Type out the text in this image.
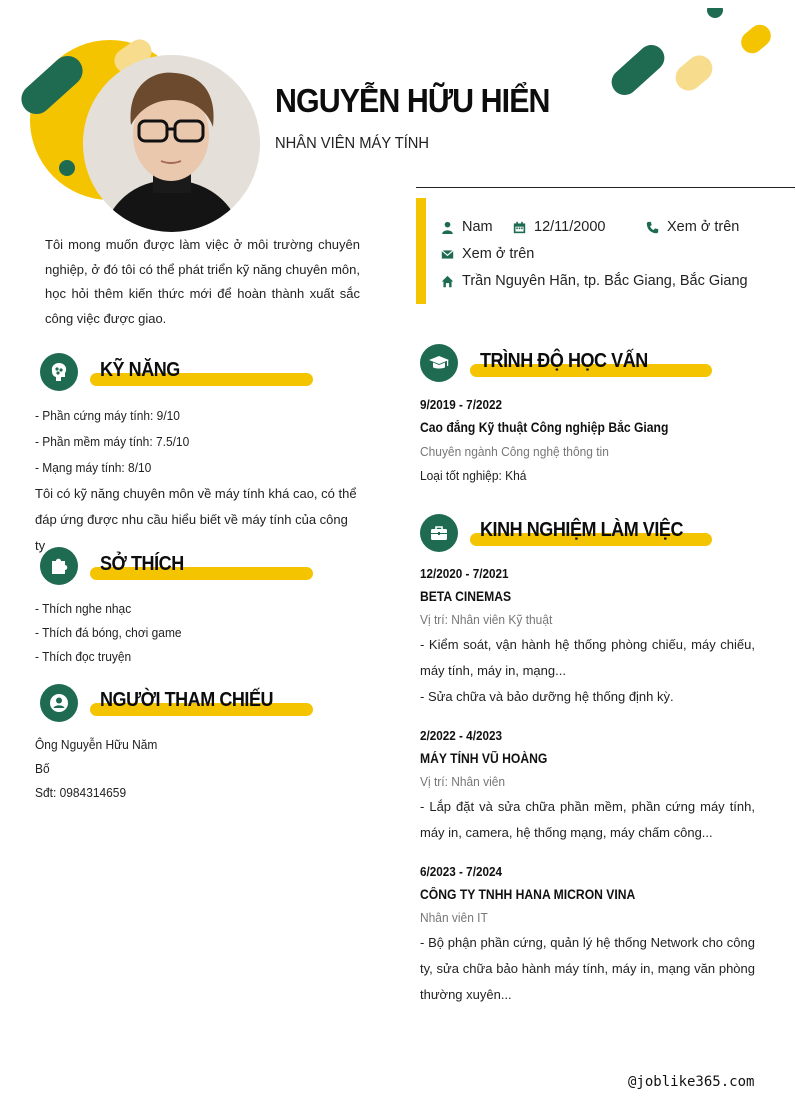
NGUYỄN HỮU HIỂN
NHÂN VIÊN MÁY TÍNH
Tôi mong muốn được làm việc ở môi trường chuyên nghiệp, ở đó tôi có thể phát triển kỹ năng chuyên môn, học hỏi thêm kiến thức mới để hoàn thành xuất sắc công việc được giao.
Nam	12/11/2000	Xem ở trên
Xem ở trên
Trần Nguyên Hãn, tp. Bắc Giang, Bắc Giang
KỸ NĂNG
- Phần cứng máy tính: 9/10
- Phần mềm máy tính: 7.5/10
- Mạng máy tính: 8/10
Tôi có kỹ năng chuyên môn về máy tính khá cao, có thể đáp ứng được nhu cầu hiểu biết về máy tính của công ty
SỞ THÍCH
- Thích nghe nhạc
- Thích đá bóng, chơi game
- Thích đọc truyện
NGƯỜI THAM CHIẾU
Ông Nguyễn Hữu Năm
Bố
Sđt: 0984314659
TRÌNH ĐỘ HỌC VẤN
9/2019 - 7/2022
Cao đẳng Kỹ thuật Công nghiệp Bắc Giang
Chuyên ngành Công nghệ thông tin
Loại tốt nghiệp: Khá
KINH NGHIỆM LÀM VIỆC
12/2020 - 7/2021
BETA CINEMAS
Vị trí: Nhân viên Kỹ thuật
- Kiểm soát, vận hành hệ thống phòng chiếu, máy chiếu, máy tính, máy in, mạng...
- Sửa chữa và bảo dưỡng hệ thống định kỳ.
2/2022 - 4/2023
MÁY TÍNH VŨ HOÀNG
Vị trí: Nhân viên
- Lắp đặt và sửa chữa phần mềm, phần cứng máy tính, máy in, camera, hệ thống mạng, máy chấm công...
6/2023 - 7/2024
CÔNG TY TNHH HANA MICRON VINA
Nhân viên IT
- Bộ phận phần cứng, quản lý hệ thống Network cho công ty, sửa chữa bảo hành máy tính, máy in, mạng văn phòng thường xuyên...
@joblike365.com
